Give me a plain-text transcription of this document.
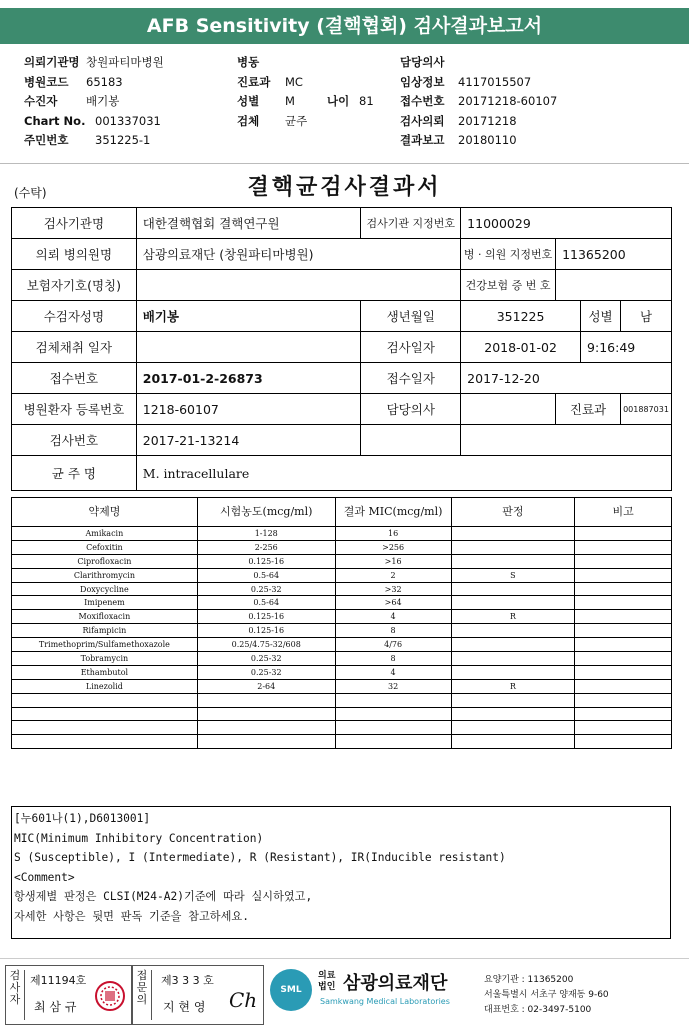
AFB Sensitivity (결핵협회) 검사결과보고서
의뢰기관명 창원파티마병원
병원코드 65183
수진자 배기봉
Chart No. 001337031
주민번호 351225-1
병동
진료과 MC
성별 M	나이 81
검체 균주
담당의사
임상정보 4117015507
접수번호 20171218-60107
검사의뢰 20171218
결과보고 20180110
(수탁)	결핵균검사결과서
검사기관명	대한결핵협회 결핵연구원	검사기관 지정번호	11000029			
의뢰 병의원명	삼광의료재단 (창원파티마병원)		병 · 의원 지정번호	11365200		
보험자기호(명칭)			건강보험 증 번 호			
수검자성명	배기봉	생년월일	351225		성별	남
검체채취 일자		검사일자	2018-01-02		9:16:49	
접수번호	2017-01-2-26873	접수일자	2017-12-20			
병원환자 등록번호	1218-60107	담당의사		진료과		001887031
검사번호	2017-21-13214					
균 주 명	M. intracellulare					
약제명	시험농도(mcg/ml)	결과 MIC(mcg/ml)	판정	비고
Amikacin	1-128	16		
Cefoxitin	2-256	>256		
Ciprofloxacin	0.125-16	>16		
Clarithromycin	0.5-64	2	S	
Doxycycline	0.25-32	>32		
Imipenem	0.5-64	>64		
Moxifloxacin	0.125-16	4	R	
Rifampicin	0.125-16	8		
Trimethoprim/Sulfamethoxazole	0.25/4.75-32/608	4/76		
Tobramycin	0.25-32	8		
Ethambutol	0.25-32	4		
Linezolid	2-64	32	R	

[누601나(1),D6013001]
MIC(Minimum Inhibitory Concentration)
S (Susceptible), I (Intermediate), R (Resistant), IR(Inducible resistant)
<Comment>
항생제별 판정은 CLSI(M24-A2)기준에 따라 실시하였고,
자세한 사항은 뒷면 판독 기준을 참고하세요.
검사자
제11194호
최 삼 규
접문의
제3 3 3 호
지 현 영 Ch	SML
의료 법인 삼광의료재단
Samkwang Medical Laboratories
요양기관 : 11365200
서울특별시 서초구 양재동 9-60
대표번호 : 02-3497-5100
